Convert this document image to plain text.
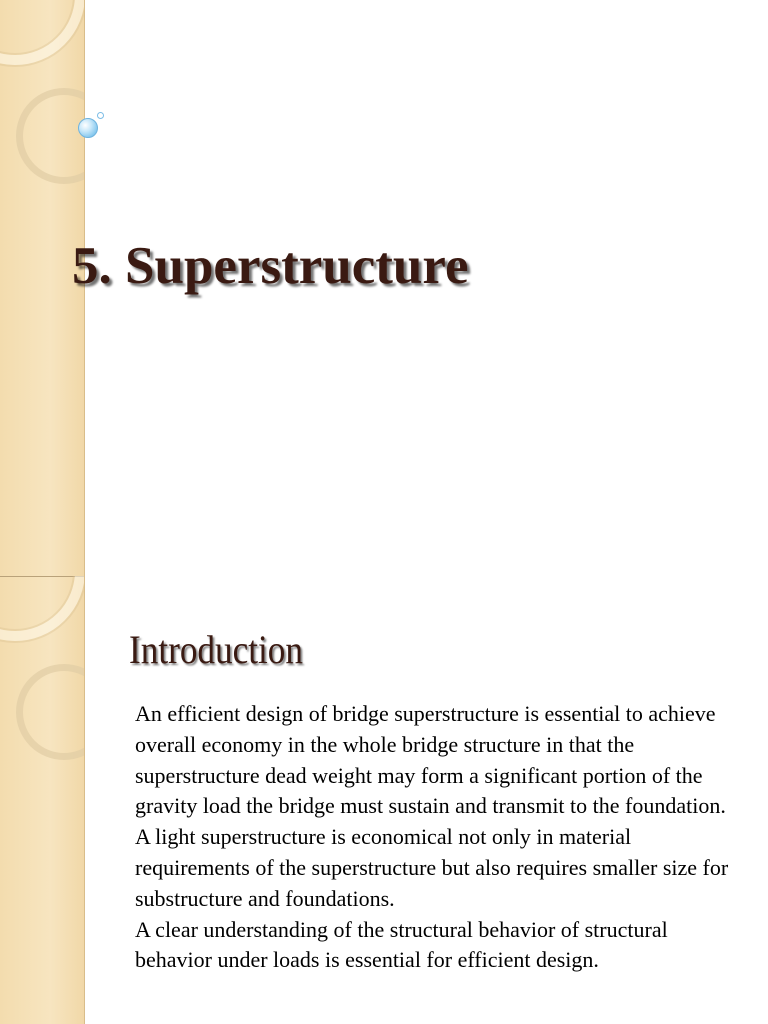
5. Superstructure
Introduction

An efficient design of bridge superstructure is essential to achieve overall economy in the whole bridge structure in that the superstructure dead weight may form a significant portion of the gravity load the bridge must sustain and transmit to the foundation.

A light superstructure is economical not only in material requirements of the superstructure but also requires smaller size for substructure and foundations.

A clear understanding of the structural behavior of structural behavior under loads is essential for efficient design.
